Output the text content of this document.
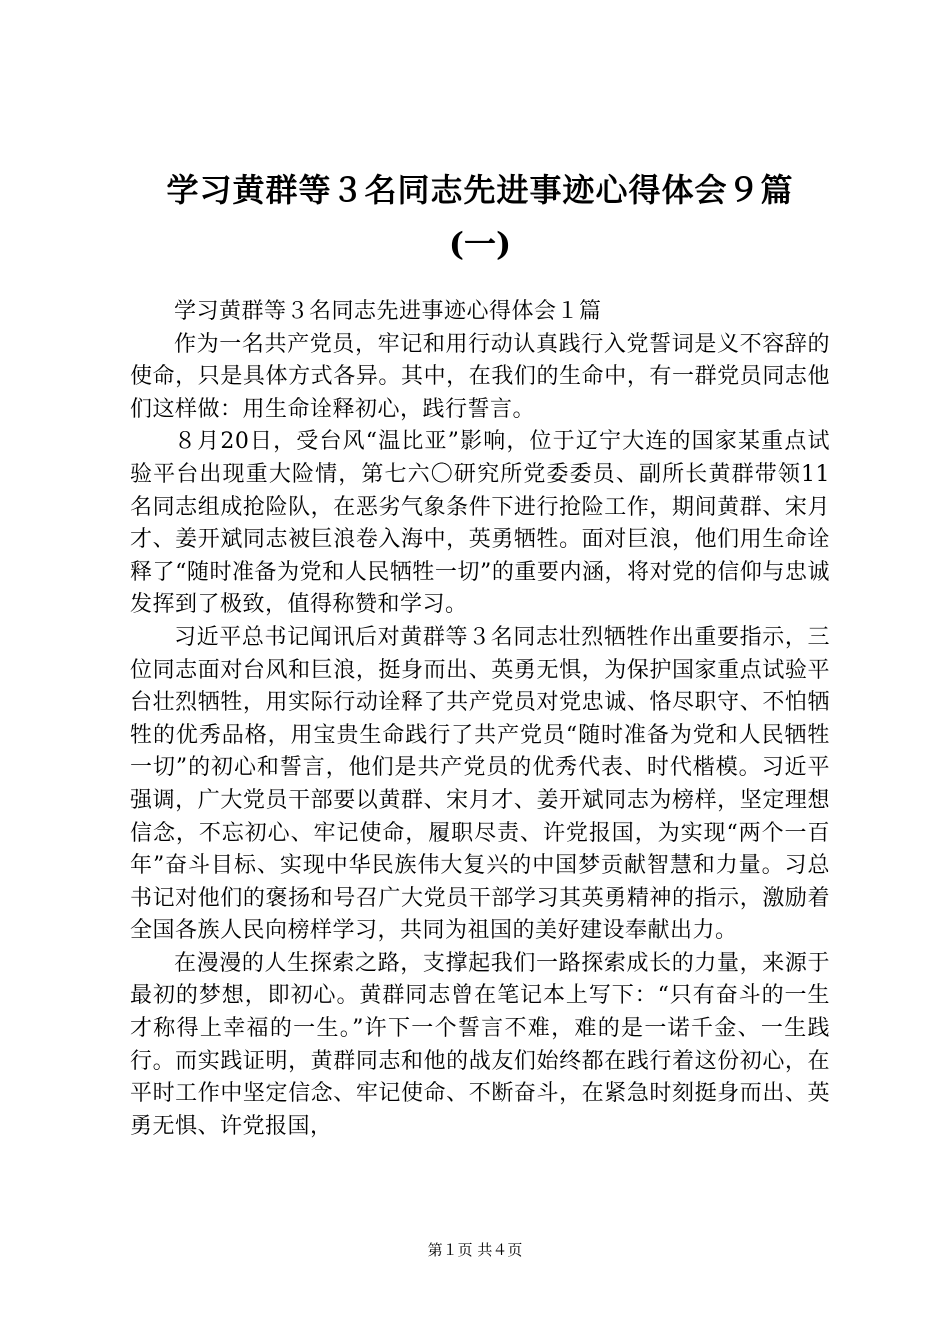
学习黄群等３名同志先进事迹心得体会９篇
(一)

学习黄群等３名同志先进事迹心得体会１篇

作为一名共产党员，牢记和用行动认真践行入党誓词是义不容辞的使命，只是具体方式各异。其中，在我们的生命中，有一群党员同志他们这样做：用生命诠释初心，践行誓言。

８月20日，受台风“温比亚”影响，位于辽宁大连的国家某重点试验平台出现重大险情，第七六〇研究所党委委员、副所长黄群带领11名同志组成抢险队，在恶劣气象条件下进行抢险工作，期间黄群、宋月才、姜开斌同志被巨浪卷入海中，英勇牺牲。面对巨浪，他们用生命诠释了“随时准备为党和人民牺牲一切”的重要内涵，将对党的信仰与忠诚发挥到了极致，值得称赞和学习。

习近平总书记闻讯后对黄群等３名同志壮烈牺牲作出重要指示，三位同志面对台风和巨浪，挺身而出、英勇无惧，为保护国家重点试验平台壮烈牺牲，用实际行动诠释了共产党员对党忠诚、恪尽职守、不怕牺牲的优秀品格，用宝贵生命践行了共产党员“随时准备为党和人民牺牲一切”的初心和誓言，他们是共产党员的优秀代表、时代楷模。习近平强调，广大党员干部要以黄群、宋月才、姜开斌同志为榜样，坚定理想信念，不忘初心、牢记使命，履职尽责、许党报国，为实现“两个一百年”奋斗目标、实现中华民族伟大复兴的中国梦贡献智慧和力量。习总书记对他们的褒扬和号召广大党员干部学习其英勇精神的指示，激励着全国各族人民向榜样学习，共同为祖国的美好建设奉献出力。

在漫漫的人生探索之路，支撑起我们一路探索成长的力量，来源于最初的梦想，即初心。黄群同志曾在笔记本上写下：“只有奋斗的一生才称得上幸福的一生。”许下一个誓言不难，难的是一诺千金、一生践行。而实践证明，黄群同志和他的战友们始终都在践行着这份初心，在平时工作中坚定信念、牢记使命、不断奋斗，在紧急时刻挺身而出、英勇无惧、许党报国，

第１页 共４页
